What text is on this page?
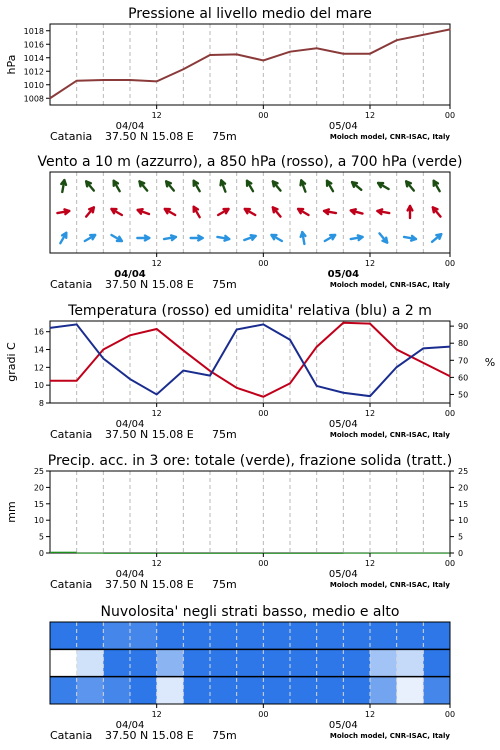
Pressione al livello medio del mare
1008
1010
1012
1014
1016
1018
hPa
12	00	12	00
04/04	05/04
Catania 37.50 N 15.08 E 75m	Moloch model, CNR-ISAC, Italy
Vento a 10 m (azzurro), a 850 hPa (rosso), a 700 hPa (verde)
12	00	12	00
04/04	05/04
Catania 37.50 N 15.08 E 75m	Moloch model, CNR-ISAC, Italy
Temperatura (rosso) ed umidita' relativa (blu) a 2 m
8
10
12
14
16
50
60
70
80
90
gradi C	%
12	00	12	00
04/04	05/04
Catania 37.50 N 15.08 E 75m	Moloch model, CNR-ISAC, Italy
Precip. acc. in 3 ore: totale (verde), frazione solida (tratt.)
0
5
10
15
20
25
0
5
10
15
20
25
mm
12	00	12	00
04/04	05/04
Catania 37.50 N 15.08 E 75m	Moloch model, CNR-ISAC, Italy
Nuvolosita' negli strati basso, medio e alto
12	00	12	00
04/04	05/04
Catania 37.50 N 15.08 E 75m	Moloch model, CNR-ISAC, Italy
